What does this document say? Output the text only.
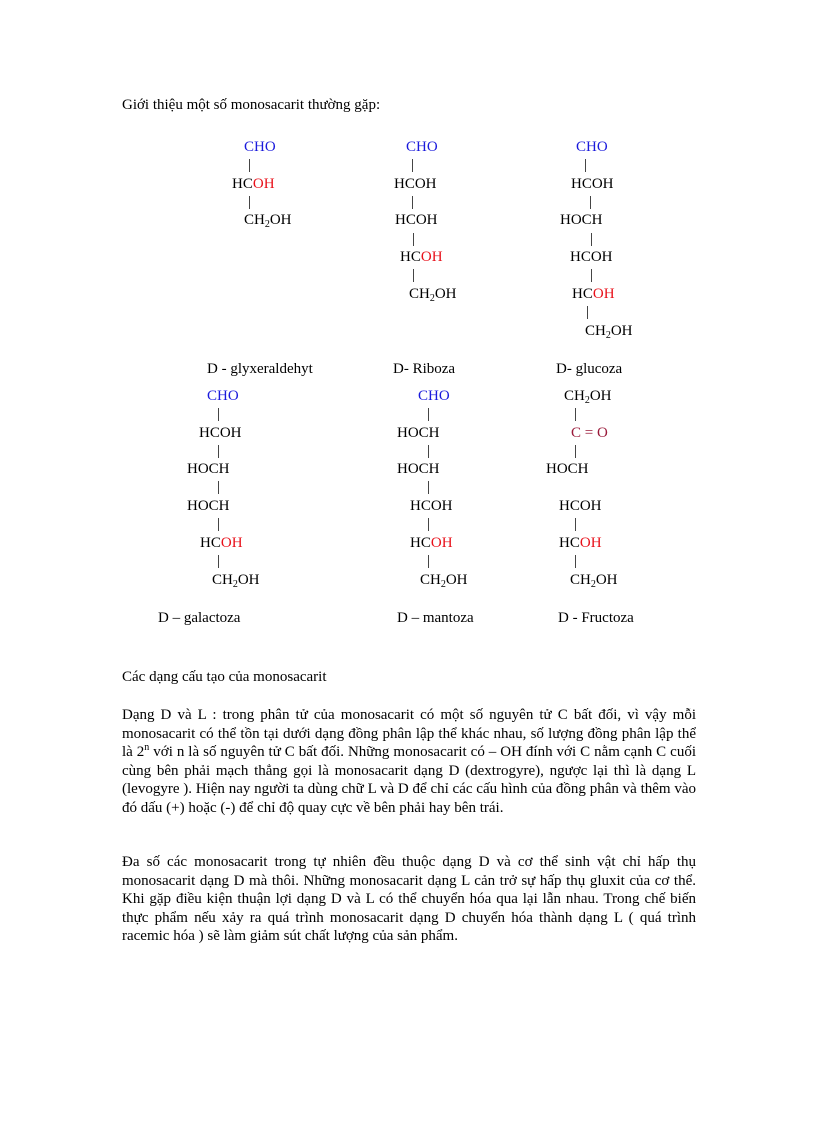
Giới thiệu một số monosacarit thường gặp:
CHO
|
HCOH
|
$CH_2OH$
CHO
|
HCOH
|
HCOH
|
HCOH
|
$CH_2OH$
CHO
|
HCOH
|
HOCH
|
HCOH
|
HCOH
|
$CH_2OH$
D - glyxeraldehyt	D- Riboza	D- glucoza
CHO
|
HCOH
|
HOCH
|
HOCH
|
HCOH
|
$CH_2OH$
CHO
|
HOCH
|
HOCH
|
HCOH
|
HCOH
|
$CH_2OH$
$CH_2OH$
|
C = O
|
HOCH
HCOH
|
HCOH
|
$CH_2OH$
D – galactoza	D – mantoza	D - Fructoza
Các dạng cấu tạo của monosacarit
Dạng D và L : trong phân tử của monosacarit có một số nguyên tử C bất đối, vì vậy mỗi monosacarit có thể tồn tại dưới dạng đồng phân lập thể khác nhau, số lượng đồng phân lập thể là 2$^n$ với n là số nguyên tử C bất đối. Những monosacarit có – OH đính với C nằm cạnh C cuối cùng bên phải mạch thẳng gọi là monosacarit dạng D (dextrogyre), ngược lại thì là dạng L (levogyre ). Hiện nay người ta dùng chữ L và D để chỉ các cấu hình của đồng phân và thêm vào đó dấu (+) hoặc (-) để chỉ độ quay cực về bên phải hay bên trái.
Đa số các monosacarit trong tự nhiên đều thuộc dạng D và cơ thể sinh vật chỉ hấp thụ monosacarit dạng D mà thôi. Những monosacarit dạng L cản trở sự hấp thụ gluxit của cơ thể. Khi gặp điều kiện thuận lợi dạng D và L có thể chuyển hóa qua lại lẫn nhau. Trong chế biến thực phẩm nếu xảy ra quá trình monosacarit dạng D chuyển hóa thành dạng L ( quá trình racemic hóa ) sẽ làm giảm sút chất lượng của sản phẩm.
